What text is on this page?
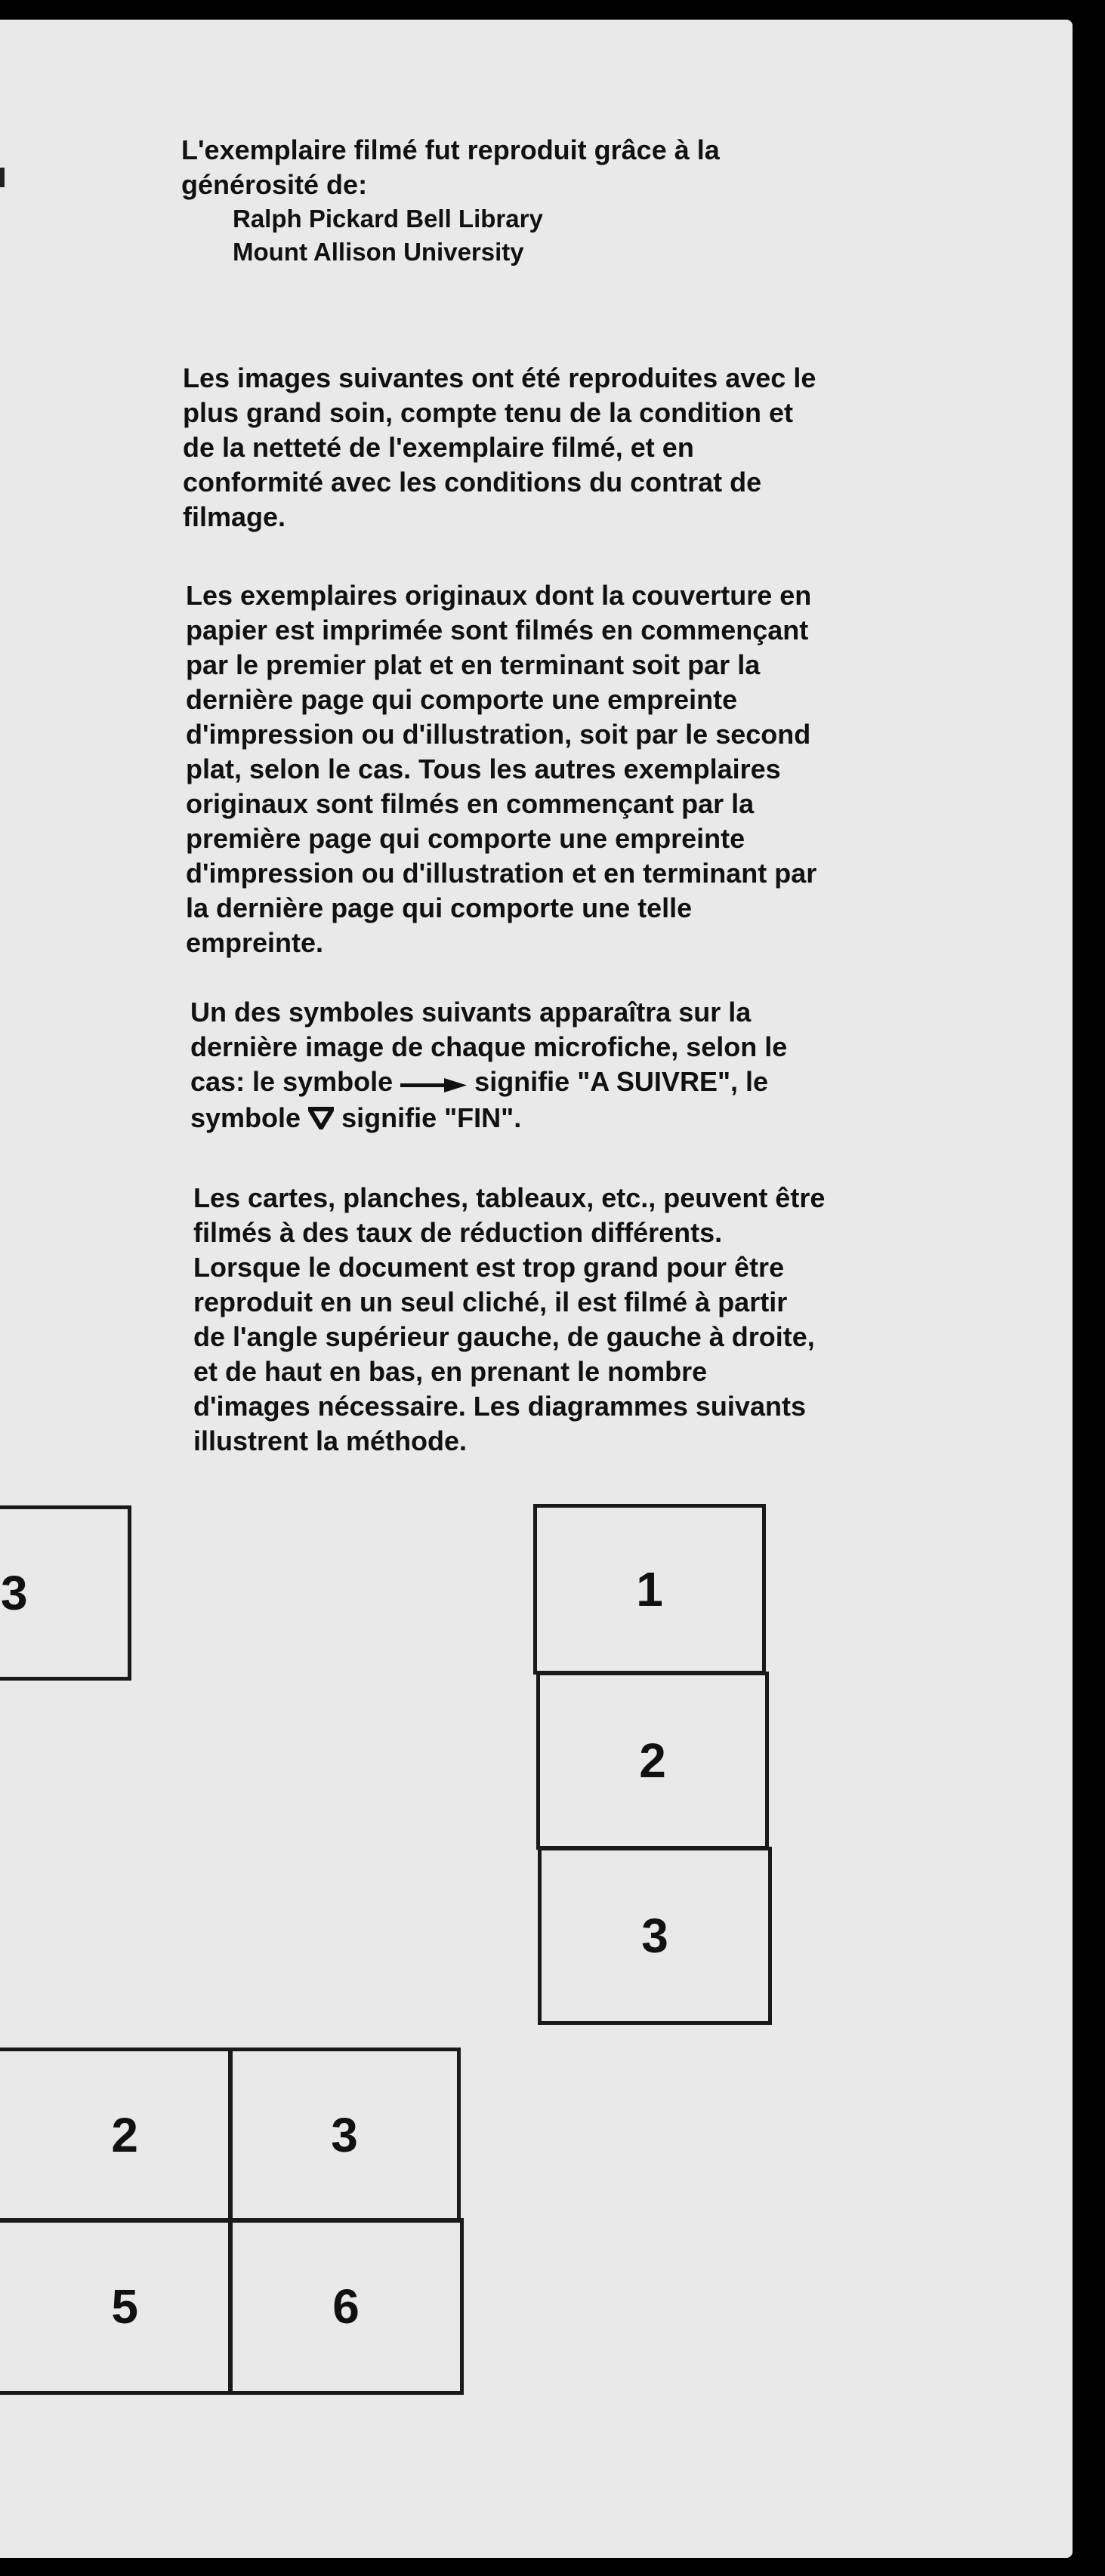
L'exemplaire filmé fut reproduit grâce à la
générosité de:
Ralph Pickard Bell Library
Mount Allison University
Les images suivantes ont été reproduites avec le
plus grand soin, compte tenu de la condition et
de la netteté de l'exemplaire filmé, et en
conformité avec les conditions du contrat de
filmage.
Les exemplaires originaux dont la couverture en
papier est imprimée sont filmés en commençant
par le premier plat et en terminant soit par la
dernière page qui comporte une empreinte
d'impression ou d'illustration, soit par le second
plat, selon le cas. Tous les autres exemplaires
originaux sont filmés en commençant par la
première page qui comporte une empreinte
d'impression ou d'illustration et en terminant par
la dernière page qui comporte une telle
empreinte.
Un des symboles suivants apparaîtra sur la
dernière image de chaque microfiche, selon le
cas: le symbole	signifie "A SUIVRE", le
symbole signifie "FIN".
Les cartes, planches, tableaux, etc., peuvent être
filmés à des taux de réduction différents.
Lorsque le document est trop grand pour être
reproduit en un seul cliché, il est filmé à partir
de l'angle supérieur gauche, de gauche à droite,
et de haut en bas, en prenant le nombre
d'images nécessaire. Les diagrammes suivants
illustrent la méthode.
3	1
2
3
2	3
5	6
